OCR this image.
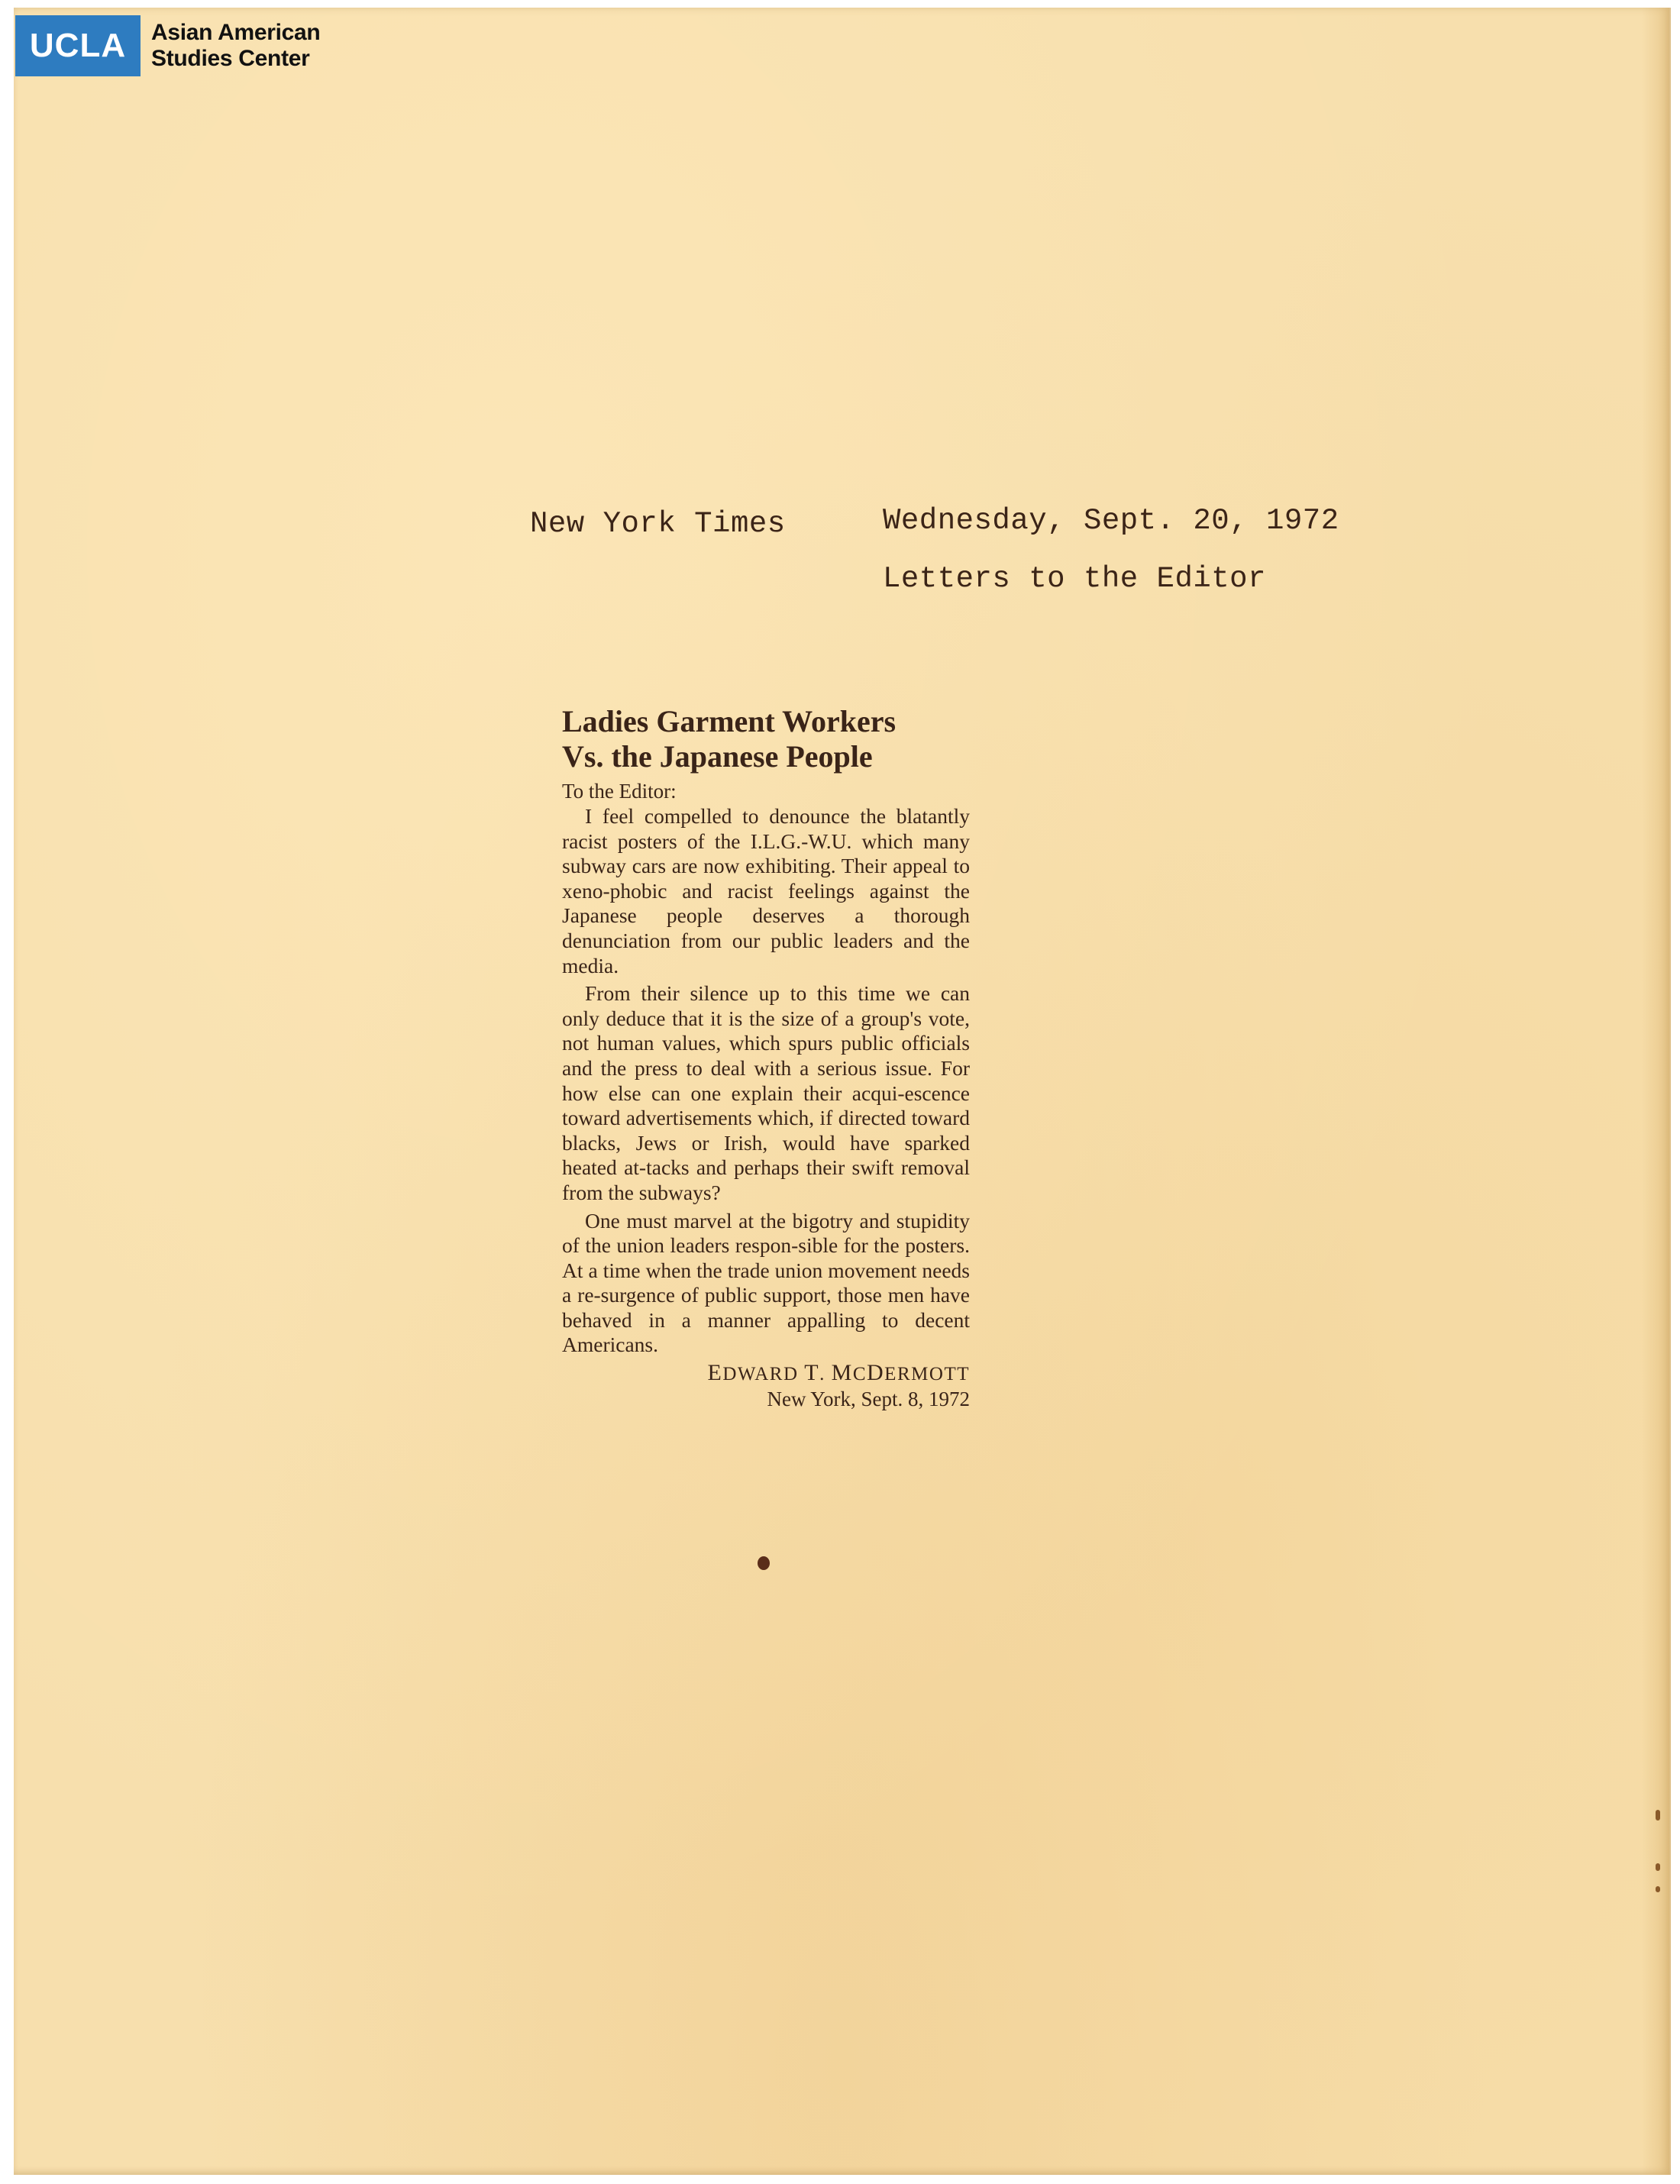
UCLA	Asian American
Studies Center
New York Times	Wednesday, Sept. 20, 1972
Letters to the Editor
Ladies Garment Workers
Vs. the Japanese People
To the Editor:

I feel compelled to denounce the blatantly racist posters of the I.L.G.-W.U. which many subway cars are now exhibiting. Their appeal to xeno-phobic and racist feelings against the Japanese people deserves a thorough denunciation from our public leaders and the media.

From their silence up to this time we can only deduce that it is the size of a group's vote, not human values, which spurs public officials and the press to deal with a serious issue. For how else can one explain their acqui-escence toward advertisements which, if directed toward blacks, Jews or Irish, would have sparked heated at-tacks and perhaps their swift removal from the subways?

One must marvel at the bigotry and stupidity of the union leaders respon-sible for the posters. At a time when the trade union movement needs a re-surgence of public support, those men have behaved in a manner appalling to decent Americans.

EDWARD T. MCDERMOTT
New York, Sept. 8, 1972
